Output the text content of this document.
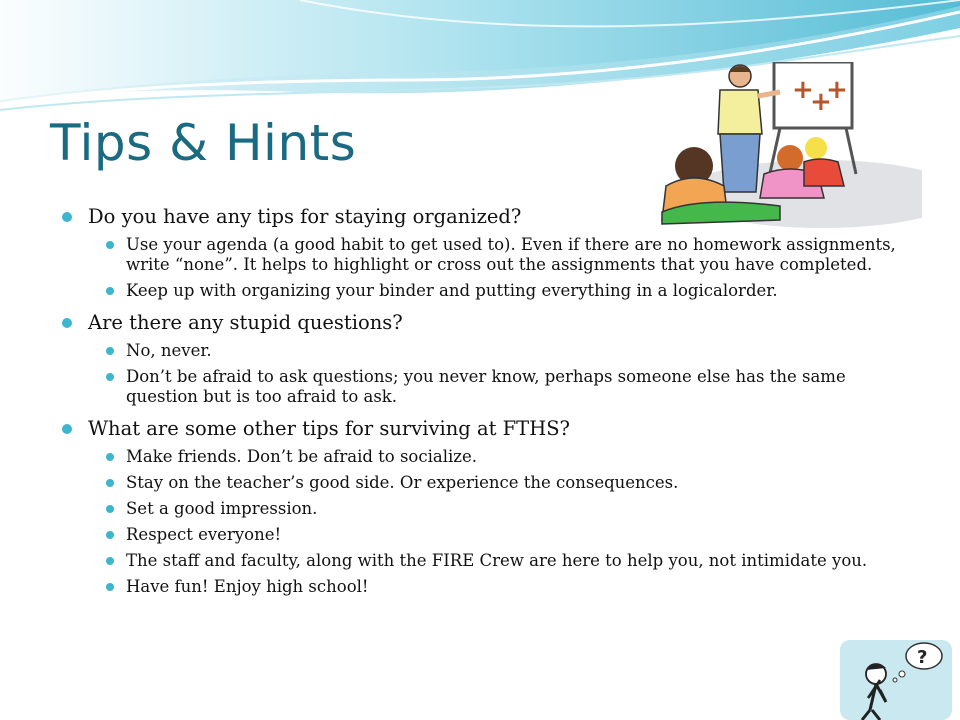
Tips & Hints
+
+
+
Do you have any tips for staying organized?
Use your agenda (a good habit to get used to). Even if there are no homework assignments, write “none”. It helps to highlight or cross out the assignments that you have completed.
Keep up with organizing your binder and putting everything in a logicalorder.
Are there any stupid questions?
No, never.
Don’t be afraid to ask questions; you never know, perhaps someone else has the same question but is too afraid to ask.
What are some other tips for surviving at FTHS?
Make friends. Don’t be afraid to socialize.
Stay on the teacher’s good side. Or experience the consequences.
Set a good impression.
Respect everyone!
The staff and faculty, along with the FIRE Crew are here to help you, not intimidate you.
Have fun! Enjoy high school!
?
